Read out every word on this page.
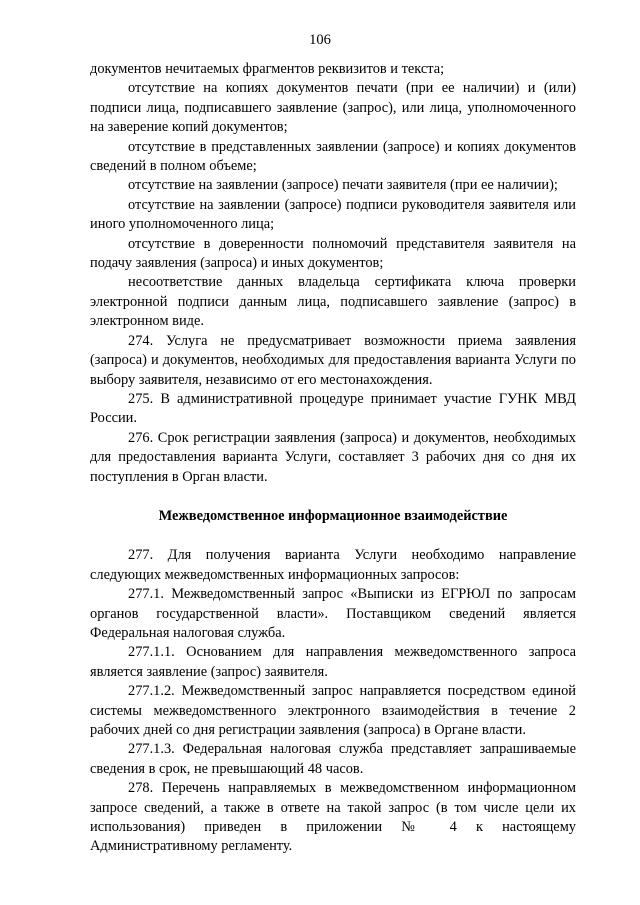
106

документов нечитаемых фрагментов реквизитов и текста;

отсутствие на копиях документов печати (при ее наличии) и (или) подписи лица, подписавшего заявление (запрос), или лица, уполномоченного на заверение копий документов;

отсутствие в представленных заявлении (запросе) и копиях документов сведений в полном объеме;

отсутствие на заявлении (запросе) печати заявителя (при ее наличии);

отсутствие на заявлении (запросе) подписи руководителя заявителя или иного уполномоченного лица;

отсутствие в доверенности полномочий представителя заявителя на подачу заявления (запроса) и иных документов;

несоответствие данных владельца сертификата ключа проверки электронной подписи данным лица, подписавшего заявление (запрос) в электронном виде.

274. Услуга не предусматривает возможности приема заявления (запроса) и документов, необходимых для предоставления варианта Услуги по выбору заявителя, независимо от его местонахождения.

275. В административной процедуре принимает участие ГУНК МВД России.

276. Срок регистрации заявления (запроса) и документов, необходимых для предоставления варианта Услуги, составляет 3 рабочих дня со дня их поступления в Орган власти.

Межведомственное информационное взаимодействие

277. Для получения варианта Услуги необходимо направление следующих межведомственных информационных запросов:

277.1. Межведомственный запрос «Выписки из ЕГРЮЛ по запросам органов государственной власти». Поставщиком сведений является Федеральная налоговая служба.

277.1.1. Основанием для направления межведомственного запроса является заявление (запрос) заявителя.

277.1.2. Межведомственный запрос направляется посредством единой системы межведомственного электронного взаимодействия в течение 2 рабочих дней со дня регистрации заявления (запроса) в Органе власти.

277.1.3. Федеральная налоговая служба представляет запрашиваемые сведения в срок, не превышающий 48 часов.

278. Перечень направляемых в межведомственном информационном запросе сведений, а также в ответе на такой запрос (в том числе цели их использования) приведен в приложении № 4 к настоящему Административному регламенту.
